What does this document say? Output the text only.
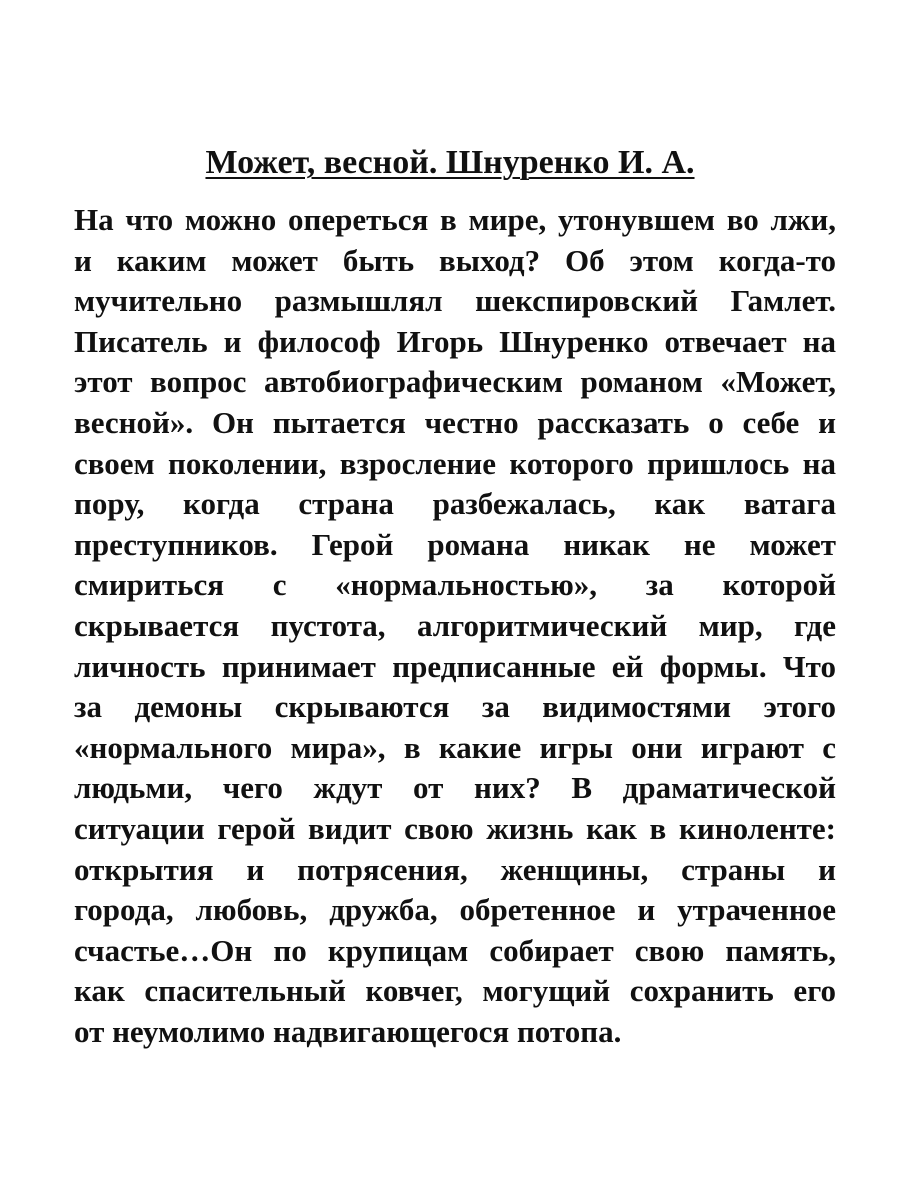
Может, весной. Шнуренко И. А.
На что можно опереться в мире, утонувшем во лжи,
и каким может быть выход? Об этом когда-то
мучительно размышлял шекспировский Гамлет.
Писатель и философ Игорь Шнуренко отвечает на
этот вопрос автобиографическим романом «Может,
весной». Он пытается честно рассказать о себе и
своем поколении, взросление которого пришлось на
пору, когда страна разбежалась, как ватага
преступников. Герой романа никак не может
смириться с «нормальностью», за которой
скрывается пустота, алгоритмический мир, где
личность принимает предписанные ей формы. Что
за демоны скрываются за видимостями этого
«нормального мира», в какие игры они играют с
людьми, чего ждут от них? В драматической
ситуации герой видит свою жизнь как в киноленте:
открытия и потрясения, женщины, страны и
города, любовь, дружба, обретенное и утраченное
счастье…Он по крупицам собирает свою память,
как спасительный ковчег, могущий сохранить его
от неумолимо надвигающегося потопа.
